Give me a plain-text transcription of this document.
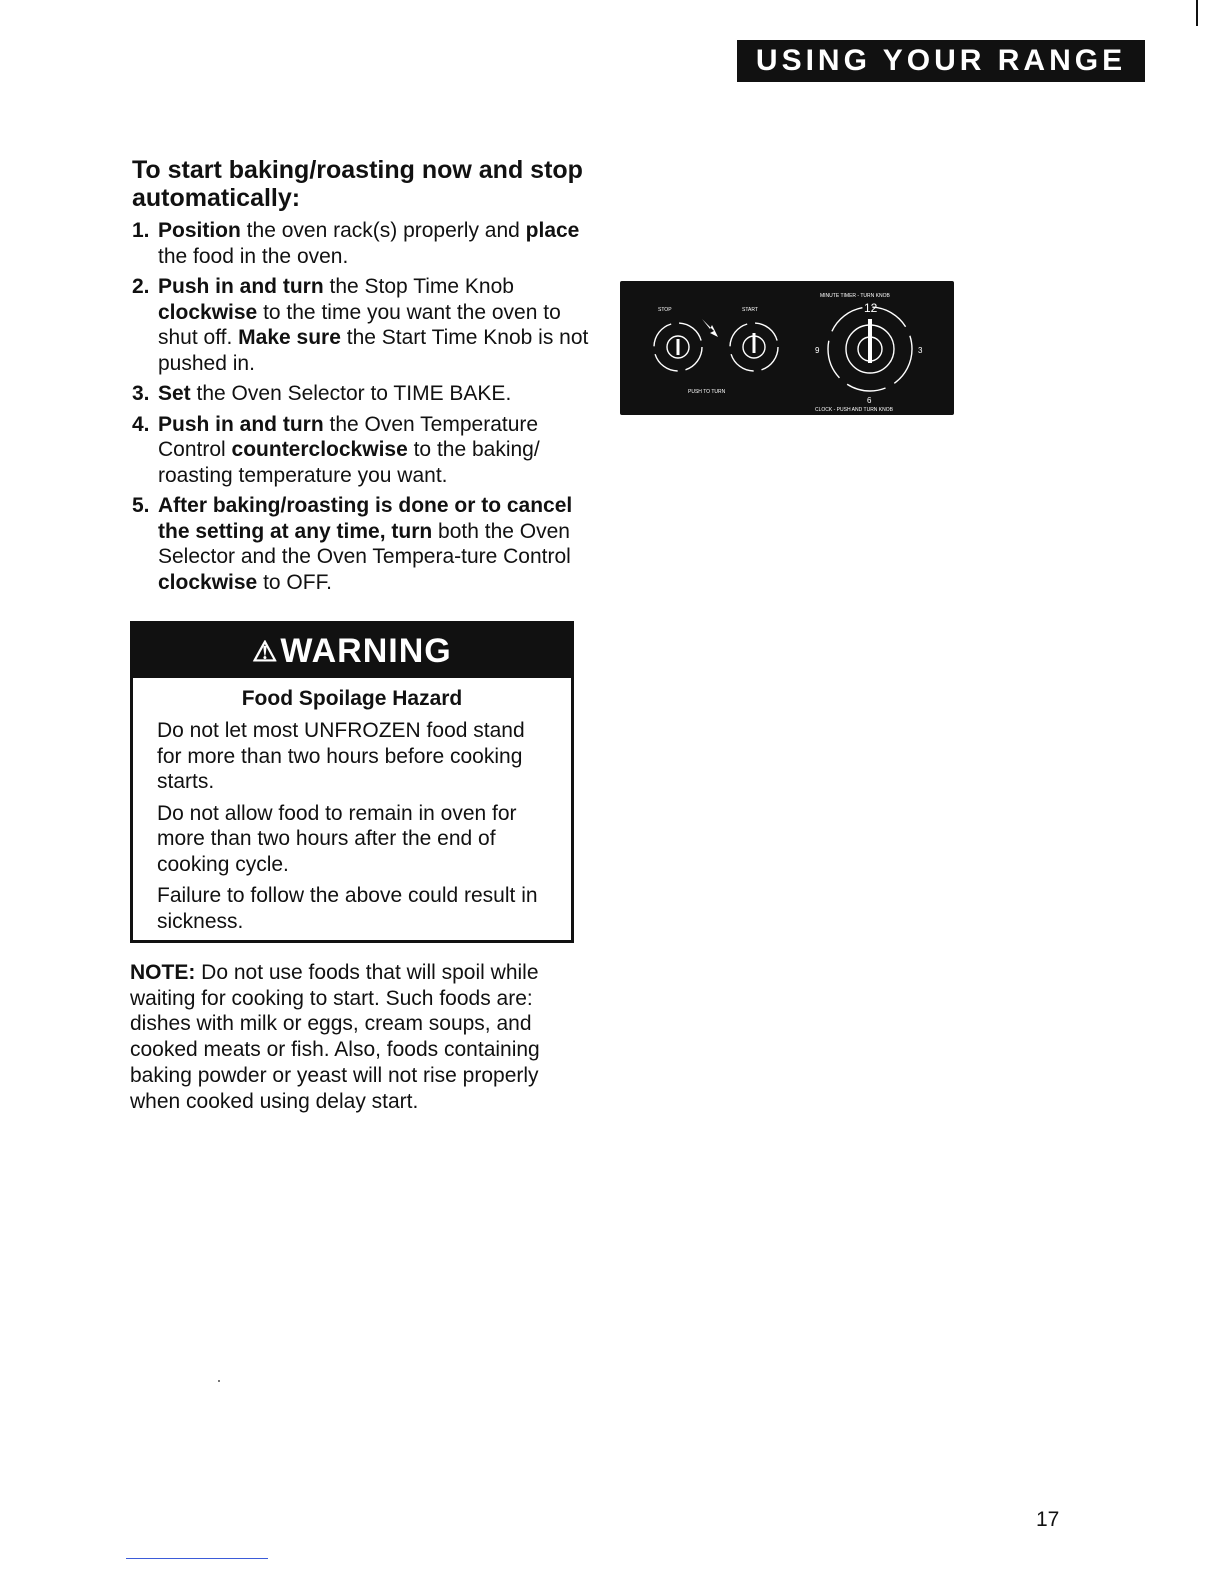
USING YOUR RANGE
To start baking/roasting now and stop automatically:
1. Position the oven rack(s) properly and place the food in the oven.
2. Push in and turn the Stop Time Knob clockwise to the time you want the oven to shut off. Make sure the Start Time Knob is not pushed in.
3. Set the Oven Selector to TIME BAKE.
4. Push in and turn the Oven Temperature Control counterclockwise to the baking/ roasting temperature you want.
5. After baking/roasting is done or to cancel the setting at any time, turn both the Oven Selector and the Oven Tempera-ture Control clockwise to OFF.
STOP	START
PUSH TO TURN
MINUTE TIMER - TURN KNOB
CLOCK - PUSH AND TURN KNOB
12
9	3
6
⚠ WARNING
Food Spoilage Hazard

Do not let most UNFROZEN food stand for more than two hours before cooking starts.

Do not allow food to remain in oven for more than two hours after the end of cooking cycle.

Failure to follow the above could result in sickness.

NOTE: Do not use foods that will spoil while waiting for cooking to start. Such foods are: dishes with milk or eggs, cream soups, and cooked meats or fish. Also, foods containing baking powder or yeast will not rise properly when cooked using delay start.

17
